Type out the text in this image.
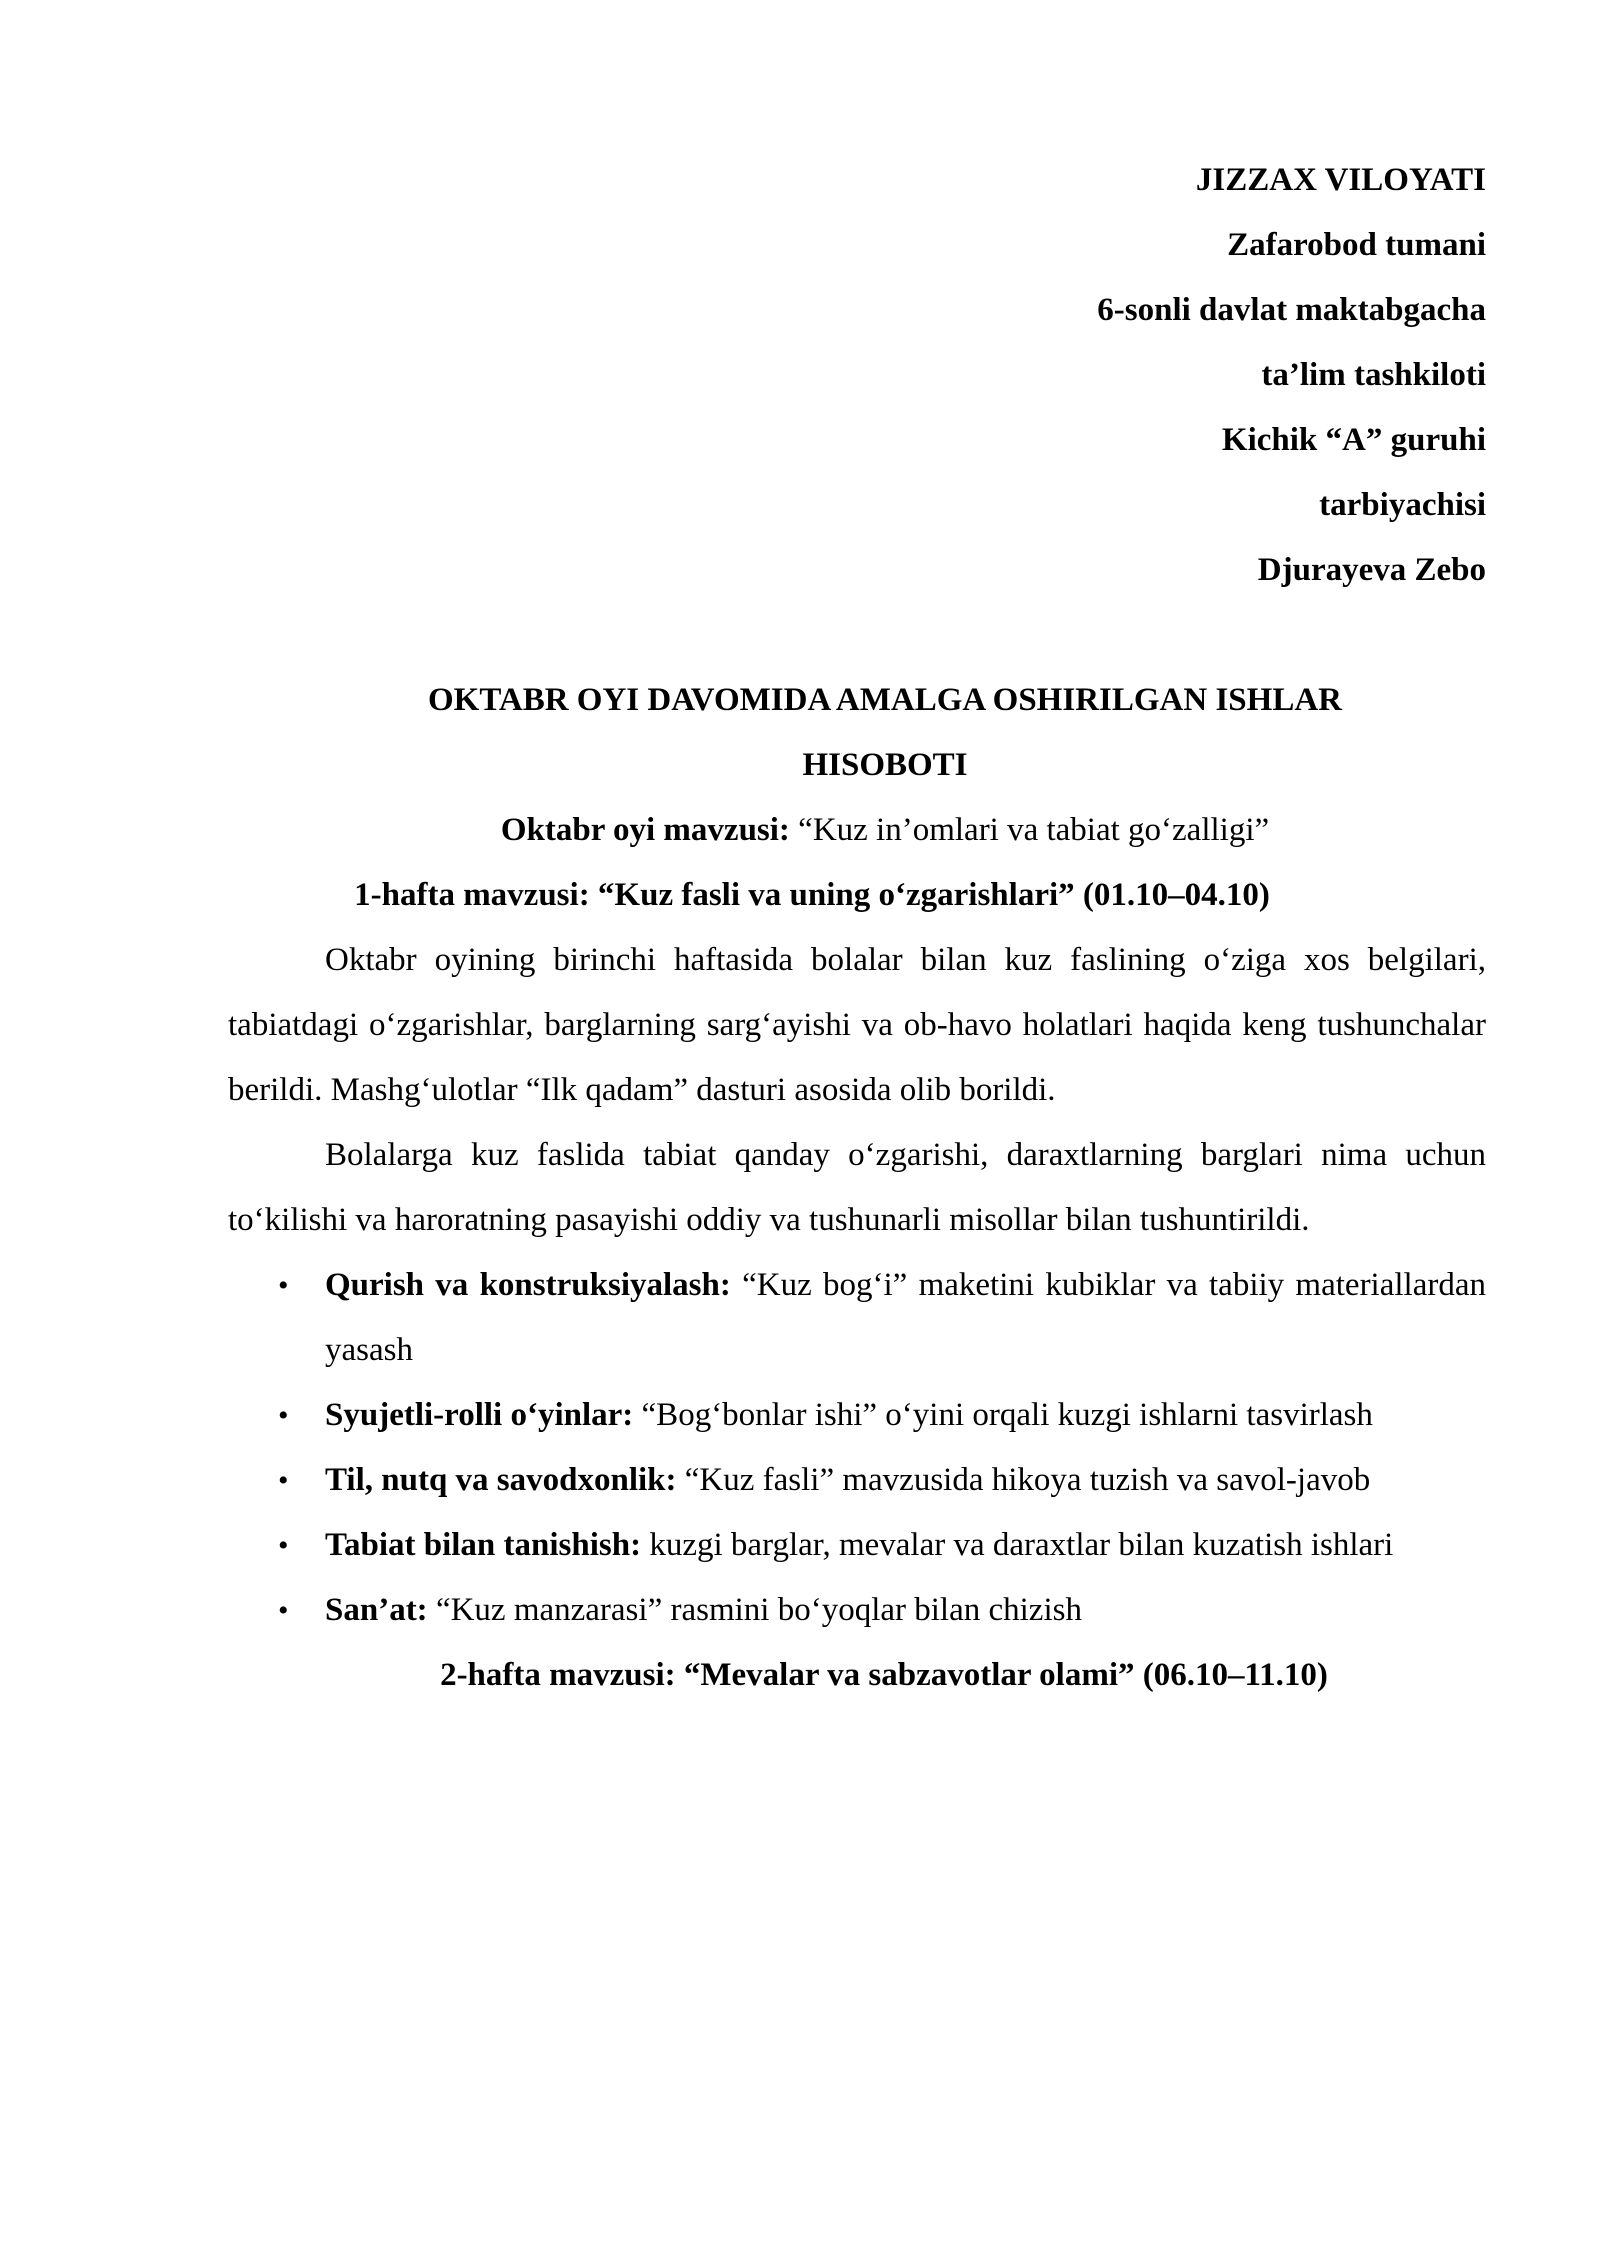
JIZZAX VILOYATI
Zafarobod tumani
6-sonli davlat maktabgacha
ta’lim tashkiloti
Kichik “A” guruhi
tarbiyachisi
Djurayeva Zebo
OKTABR OYI DAVOMIDA AMALGA OSHIRILGAN ISHLAR
HISOBOTI
Oktabr oyi mavzusi: “Kuz in’omlari va tabiat go‘zalligi”
1-hafta mavzusi: “Kuz fasli va uning o‘zgarishlari” (01.10–04.10)

Oktabr oyining birinchi haftasida bolalar bilan kuz faslining o‘ziga xos belgilari, tabiatdagi o‘zgarishlar, barglarning sarg‘ayishi va ob-havo holatlari haqida keng tushunchalar berildi. Mashg‘ulotlar “Ilk qadam” dasturi asosida olib borildi.

Bolalarga kuz faslida tabiat qanday o‘zgarishi, daraxtlarning barglari nima uchun to‘kilishi va haroratning pasayishi oddiy va tushunarli misollar bilan tushuntirildi.

• Qurish va konstruksiyalash: “Kuz bog‘i” maketini kubiklar va tabiiy materiallardan yasash
• Syujetli-rolli o‘yinlar: “Bog‘bonlar ishi” o‘yini orqali kuzgi ishlarni tasvirlash
• Til, nutq va savodxonlik: “Kuz fasli” mavzusida hikoya tuzish va savol-javob
• Tabiat bilan tanishish: kuzgi barglar, mevalar va daraxtlar bilan kuzatish ishlari
• San’at: “Kuz manzarasi” rasmini bo‘yoqlar bilan chizish
2-hafta mavzusi: “Mevalar va sabzavotlar olami” (06.10–11.10)
